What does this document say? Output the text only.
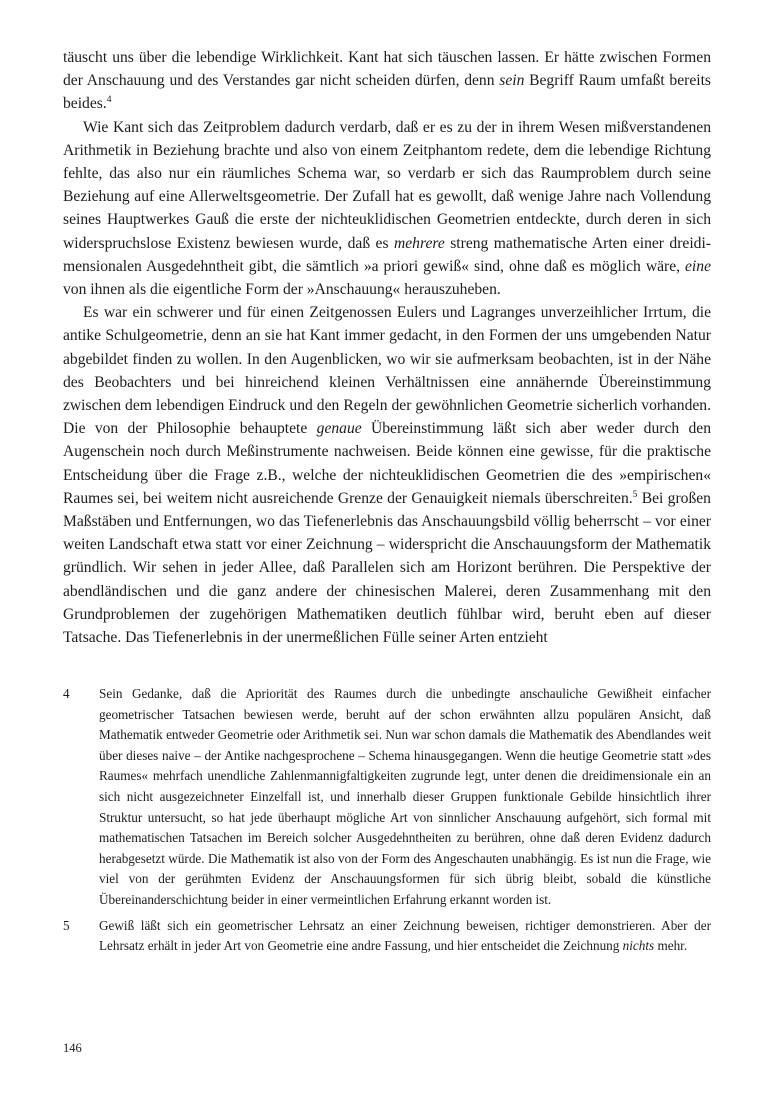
täuscht uns über die lebendige Wirklichkeit. Kant hat sich täuschen lassen. Er hätte zwischen Formen der Anschauung und des Verstandes gar nicht scheiden dürfen, denn sein Begriff Raum umfaßt bereits beides.$^4$

Wie Kant sich das Zeitproblem dadurch verdarb, daß er es zu der in ihrem Wesen mißverstandenen Arithmetik in Beziehung brachte und also von einem Zeitphantom redete, dem die lebendige Richtung fehlte, das also nur ein räumliches Schema war, so verdarb er sich das Raumproblem durch seine Beziehung auf eine Allerweltsgeometrie. Der Zufall hat es gewollt, daß wenige Jahre nach Vollendung seines Hauptwerkes Gauß die erste der nichteuklidischen Geometrien entdeckte, durch deren in sich widerspruchslose Existenz bewiesen wurde, daß es mehrere streng mathematische Arten einer dreidimensionalen Ausgedehntheit gibt, die sämtlich »a priori gewiß« sind, ohne daß es möglich wäre, eine von ihnen als die eigentliche Form der »Anschauung« herauszuheben.

Es war ein schwerer und für einen Zeitgenossen Eulers und Lagranges unverzeihlicher Irrtum, die antike Schulgeometrie, denn an sie hat Kant immer gedacht, in den Formen der uns umgebenden Natur abgebildet finden zu wollen. In den Augenblicken, wo wir sie aufmerksam beobachten, ist in der Nähe des Beobachters und bei hinreichend kleinen Verhältnissen eine annähernde Übereinstimmung zwischen dem lebendigen Eindruck und den Regeln der gewöhnlichen Geometrie sicherlich vorhanden. Die von der Philosophie behauptete genaue Übereinstimmung läßt sich aber weder durch den Augenschein noch durch Meßinstrumente nachweisen. Beide können eine gewisse, für die praktische Entscheidung über die Frage z.B., welche der nichteuklidischen Geometrien die des »empirischen« Raumes sei, bei weitem nicht ausreichende Grenze der Genauigkeit niemals überschreiten.$^5$ Bei großen Maßstäben und Entfernungen, wo das Tiefenerlebnis das Anschauungsbild völlig beherrscht – vor einer weiten Landschaft etwa statt vor einer Zeichnung – widerspricht die Anschauungsform der Mathematik gründlich. Wir sehen in jeder Allee, daß Parallelen sich am Horizont berühren. Die Perspektive der abendländischen und die ganz andere der chinesischen Malerei, deren Zusammenhang mit den Grundproblemen der zugehörigen Mathematiken deutlich fühlbar wird, beruht eben auf dieser Tatsache. Das Tiefenerlebnis in der unermeßlichen Fülle seiner Arten entzieht

4	Sein Gedanke, daß die Apriorität des Raumes durch die unbedingte anschauliche Gewißheit einfacher geometrischer Tatsachen bewiesen werde, beruht auf der schon erwähnten allzu populären Ansicht, daß Mathematik entweder Geometrie oder Arithmetik sei. Nun war schon damals die Mathematik des Abendlandes weit über dieses naive – der Antike nachgesprochene – Schema hinausgegangen. Wenn die heutige Geometrie statt »des Raumes« mehrfach unendliche Zahlenmannigfaltigkeiten zugrunde legt, unter denen die dreidimensionale ein an sich nicht ausgezeichneter Einzelfall ist, und innerhalb dieser Gruppen funktionale Gebilde hinsichtlich ihrer Struktur untersucht, so hat jede überhaupt mögliche Art von sinnlicher Anschauung aufgehört, sich formal mit mathematischen Tatsachen im Bereich solcher Ausgedehntheiten zu berühren, ohne daß deren Evidenz dadurch herabgesetzt würde. Die Mathematik ist also von der Form des Angeschauten unabhängig. Es ist nun die Frage, wie viel von der gerühmten Evidenz der Anschauungsformen für sich übrig bleibt, sobald die künstliche Übereinanderschichtung beider in einer vermeintlichen Erfahrung erkannt worden ist.
5	Gewiß läßt sich ein geometrischer Lehrsatz an einer Zeichnung beweisen, richtiger demonstrieren. Aber der Lehrsatz erhält in jeder Art von Geometrie eine andre Fassung, und hier entscheidet die Zeichnung nichts mehr.
146
